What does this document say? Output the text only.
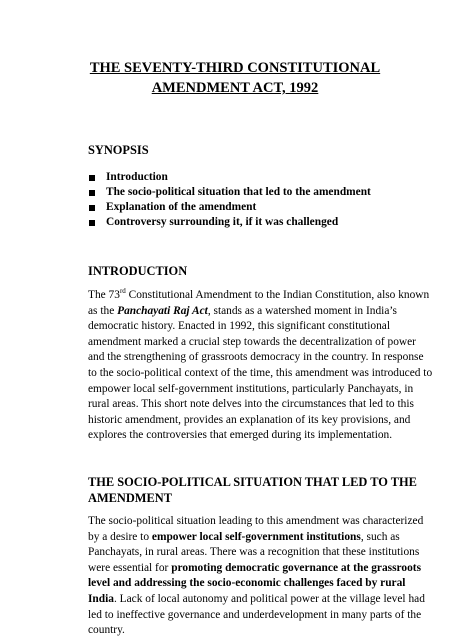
THE SEVENTY-THIRD CONSTITUTIONAL
AMENDMENT ACT, 1992

SYNOPSIS

Introduction
The socio-political situation that led to the amendment
Explanation of the amendment
Controversy surrounding it, if it was challenged

INTRODUCTION

The 73rd Constitutional Amendment to the Indian Constitution, also known as the Panchayati Raj Act, stands as a watershed moment in India’s democratic history. Enacted in 1992, this significant constitutional amendment marked a crucial step towards the decentralization of power and the strengthening of grassroots democracy in the country. In response to the socio-political context of the time, this amendment was introduced to empower local self-government institutions, particularly Panchayats, in rural areas. This short note delves into the circumstances that led to this historic amendment, provides an explanation of its key provisions, and explores the controversies that emerged during its implementation.

THE SOCIO-POLITICAL SITUATION THAT LED TO THE AMENDMENT

The socio-political situation leading to this amendment was characterized by a desire to empower local self-government institutions, such as Panchayats, in rural areas. There was a recognition that these institutions were essential for promoting democratic governance at the grassroots level and addressing the socio-economic challenges faced by rural India. Lack of local autonomy and political power at the village level had led to ineffective governance and underdevelopment in many parts of the country.
